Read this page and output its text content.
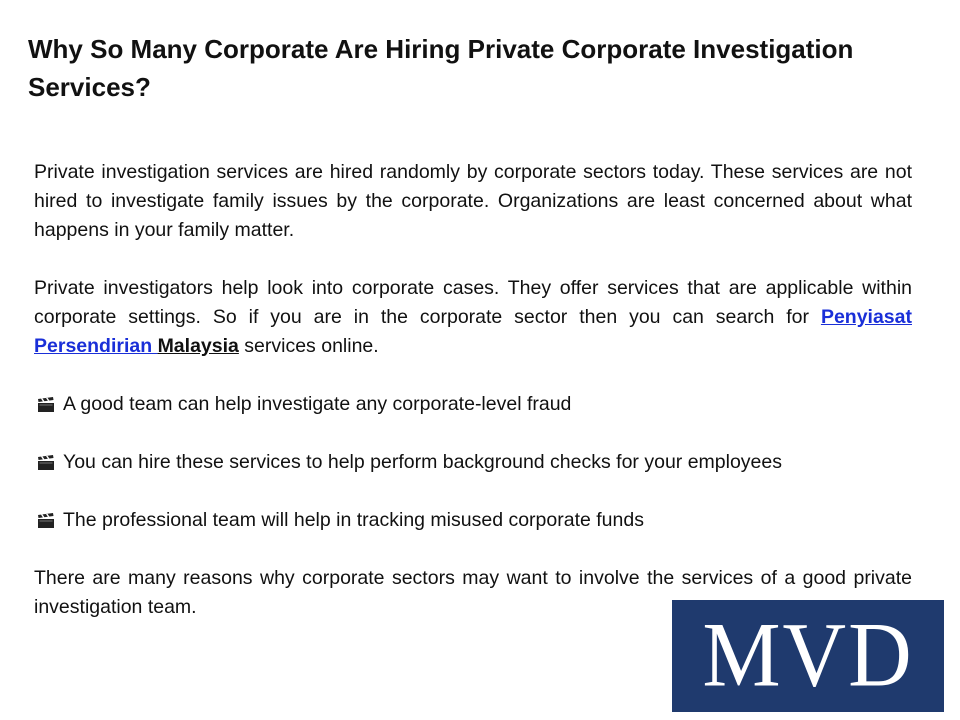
Why So Many Corporate Are Hiring Private Corporate Investigation Services?

Private investigation services are hired randomly by corporate sectors today. These services are not hired to investigate family issues by the corporate. Organizations are least concerned about what happens in your family matter.

Private investigators help look into corporate cases. They offer services that are applicable within corporate settings. So if you are in the corporate sector then you can search for Penyiasat Persendirian Malaysia services online.

A good team can help investigate any corporate-level fraud
You can hire these services to help perform background checks for your employees
The professional team will help in tracking misused corporate funds

There are many reasons why corporate sectors may want to involve the services of a good private investigation team.	MVD
